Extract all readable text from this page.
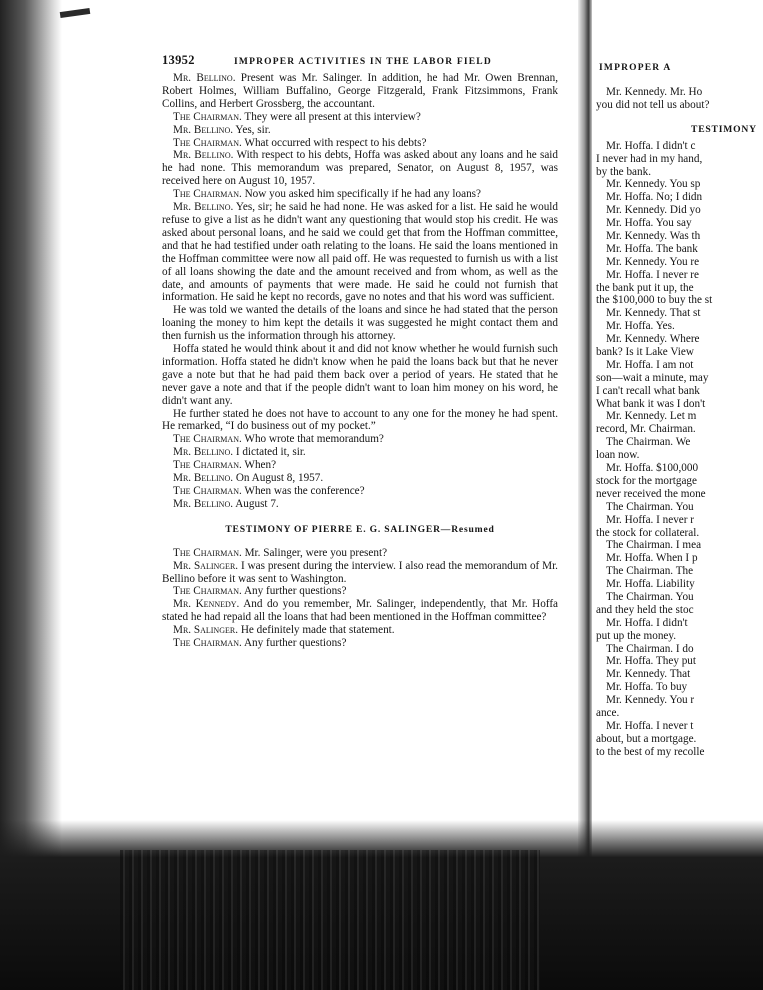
13952	IMPROPER ACTIVITIES IN THE LABOR FIELD

Mr. Bellino. Present was Mr. Salinger. In addition, he had Mr. Owen Brennan, Robert Holmes, William Buffalino, George Fitzgerald, Frank Fitzsimmons, Frank Collins, and Herbert Grossberg, the accountant.

The Chairman. They were all present at this interview?

Mr. Bellino. Yes, sir.

The Chairman. What occurred with respect to his debts?

Mr. Bellino. With respect to his debts, Hoffa was asked about any loans and he said he had none. This memorandum was prepared, Senator, on August 8, 1957, was received here on August 10, 1957.

The Chairman. Now you asked him specifically if he had any loans?

Mr. Bellino. Yes, sir; he said he had none. He was asked for a list. He said he would refuse to give a list as he didn't want any questioning that would stop his credit. He was asked about personal loans, and he said we could get that from the Hoffman committee, and that he had testified under oath relating to the loans. He said the loans mentioned in the Hoffman committee were now all paid off. He was requested to furnish us with a list of all loans showing the date and the amount received and from whom, as well as the date, and amounts of payments that were made. He said he could not furnish that information. He said he kept no records, gave no notes and that his word was sufficient.

He was told we wanted the details of the loans and since he had stated that the person loaning the money to him kept the details it was suggested he might contact them and then furnish us the information through his attorney.

Hoffa stated he would think about it and did not know whether he would furnish such information. Hoffa stated he didn't know when he paid the loans back but that he never gave a note but that he had paid them back over a period of years. He stated that he never gave a note and that if the people didn't want to loan him money on his word, he didn't want any.

He further stated he does not have to account to any one for the money he had spent. He remarked, “I do business out of my pocket.”

The Chairman. Who wrote that memorandum?

Mr. Bellino. I dictated it, sir.

The Chairman. When?

Mr. Bellino. On August 8, 1957.

The Chairman. When was the conference?

Mr. Bellino. August 7.

TESTIMONY OF PIERRE E. G. SALINGER—Resumed

The Chairman. Mr. Salinger, were you present?

Mr. Salinger. I was present during the interview. I also read the memorandum of Mr. Bellino before it was sent to Washington.

The Chairman. Any further questions?

Mr. Kennedy. And do you remember, Mr. Salinger, independently, that Mr. Hoffa stated he had repaid all the loans that had been mentioned in the Hoffman committee?

Mr. Salinger. He definitely made that statement.

The Chairman. Any further questions?

IMPROPER A
Mr. Kennedy. Mr. Ho
you did not tell us about?
TESTIMONY
Mr. Hoffa. I didn't c
I never had in my hand,
by the bank.
Mr. Kennedy. You sp
Mr. Hoffa. No; I didn
Mr. Kennedy. Did yo
Mr. Hoffa. You say
Mr. Kennedy. Was th
Mr. Hoffa. The bank
Mr. Kennedy. You re
Mr. Hoffa. I never re
the bank put it up, the
the $100,000 to buy the st
Mr. Kennedy. That st
Mr. Hoffa. Yes.
Mr. Kennedy. Where
bank? Is it Lake View
Mr. Hoffa. I am not
son—wait a minute, may
I can't recall what bank
What bank it was I don't
Mr. Kennedy. Let m
record, Mr. Chairman.
The Chairman. We
loan now.
Mr. Hoffa. $100,000
stock for the mortgage
never received the mone
The Chairman. You
Mr. Hoffa. I never r
the stock for collateral.
The Chairman. I mea
Mr. Hoffa. When I p
The Chairman. The
Mr. Hoffa. Liability
The Chairman. You
and they held the stoc
Mr. Hoffa. I didn't
put up the money.
The Chairman. I do
Mr. Hoffa. They put
Mr. Kennedy. That
Mr. Hoffa. To buy
Mr. Kennedy. You r
ance.
Mr. Hoffa. I never t
about, but a mortgage.
to the best of my recolle
